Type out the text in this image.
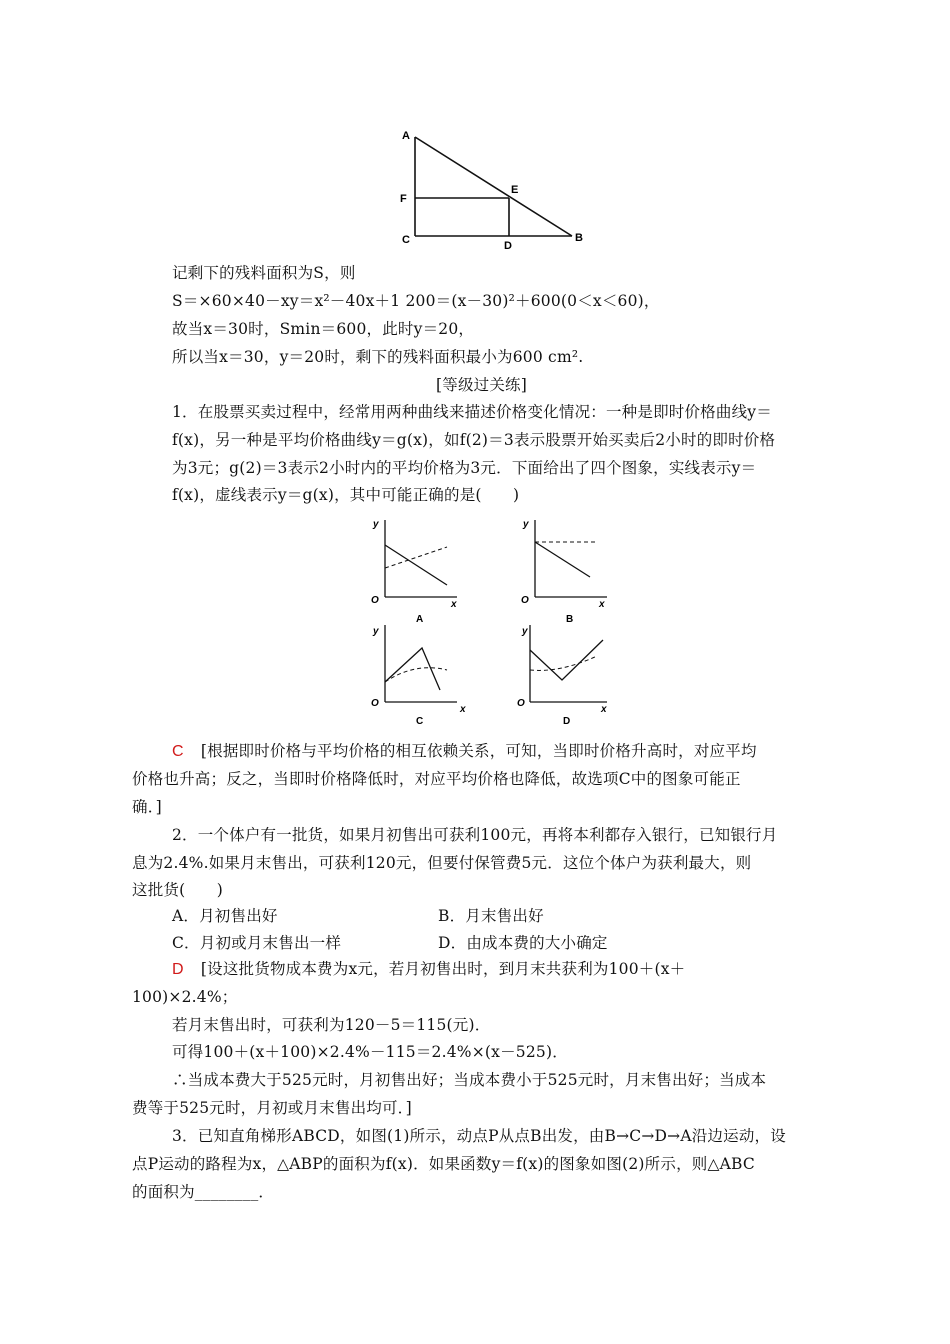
A
F
C	D
E
B
记剩下的残料面积为S，则
S＝×60×40－xy＝x²－40x＋1 200＝(x－30)²＋600(0＜x＜60)，
故当x＝30时，Smin＝600，此时y＝20，
所以当x＝30，y＝20时，剩下的残料面积最小为600 cm².
[等级过关练]
1．在股票买卖过程中，经常用两种曲线来描述价格变化情况：一种是即时价格曲线y＝
f(x)，另一种是平均价格曲线y＝g(x)，如f(2)＝3表示股票开始买卖后2小时的即时价格
为3元；g(2)＝3表示2小时内的平均价格为3元．下面给出了四个图象，实线表示y＝
f(x)，虚线表示y＝g(x)，其中可能正确的是(　　)
y
x
O
A
y
x
O
B
y
x
O
C
y
x
O
D
C [根据即时价格与平均价格的相互依赖关系，可知，当即时价格升高时，对应平均
价格也升高；反之，当即时价格降低时，对应平均价格也降低，故选项C中的图象可能正
确．]
2．一个体户有一批货，如果月初售出可获利100元，再将本利都存入银行，已知银行月
息为2.4%.如果月末售出，可获利120元，但要付保管费5元．这位个体户为获利最大，则
这批货(　　)
A．月初售出好	B．月末售出好
C．月初或月末售出一样	D．由成本费的大小确定
D [设这批货物成本费为x元，若月初售出时，到月末共获利为100＋(x＋
100)×2.4%；
若月末售出时，可获利为120－5＝115(元)．
可得100＋(x＋100)×2.4%－115＝2.4%×(x－525)．
∴当成本费大于525元时，月初售出好；当成本费小于525元时，月末售出好；当成本
费等于525元时，月初或月末售出均可．]
3．已知直角梯形ABCD，如图(1)所示，动点P从点B出发，由B→C→D→A沿边运动，设
点P运动的路程为x，△ABP的面积为f(x)．如果函数y＝f(x)的图象如图(2)所示，则△ABC
的面积为________．
